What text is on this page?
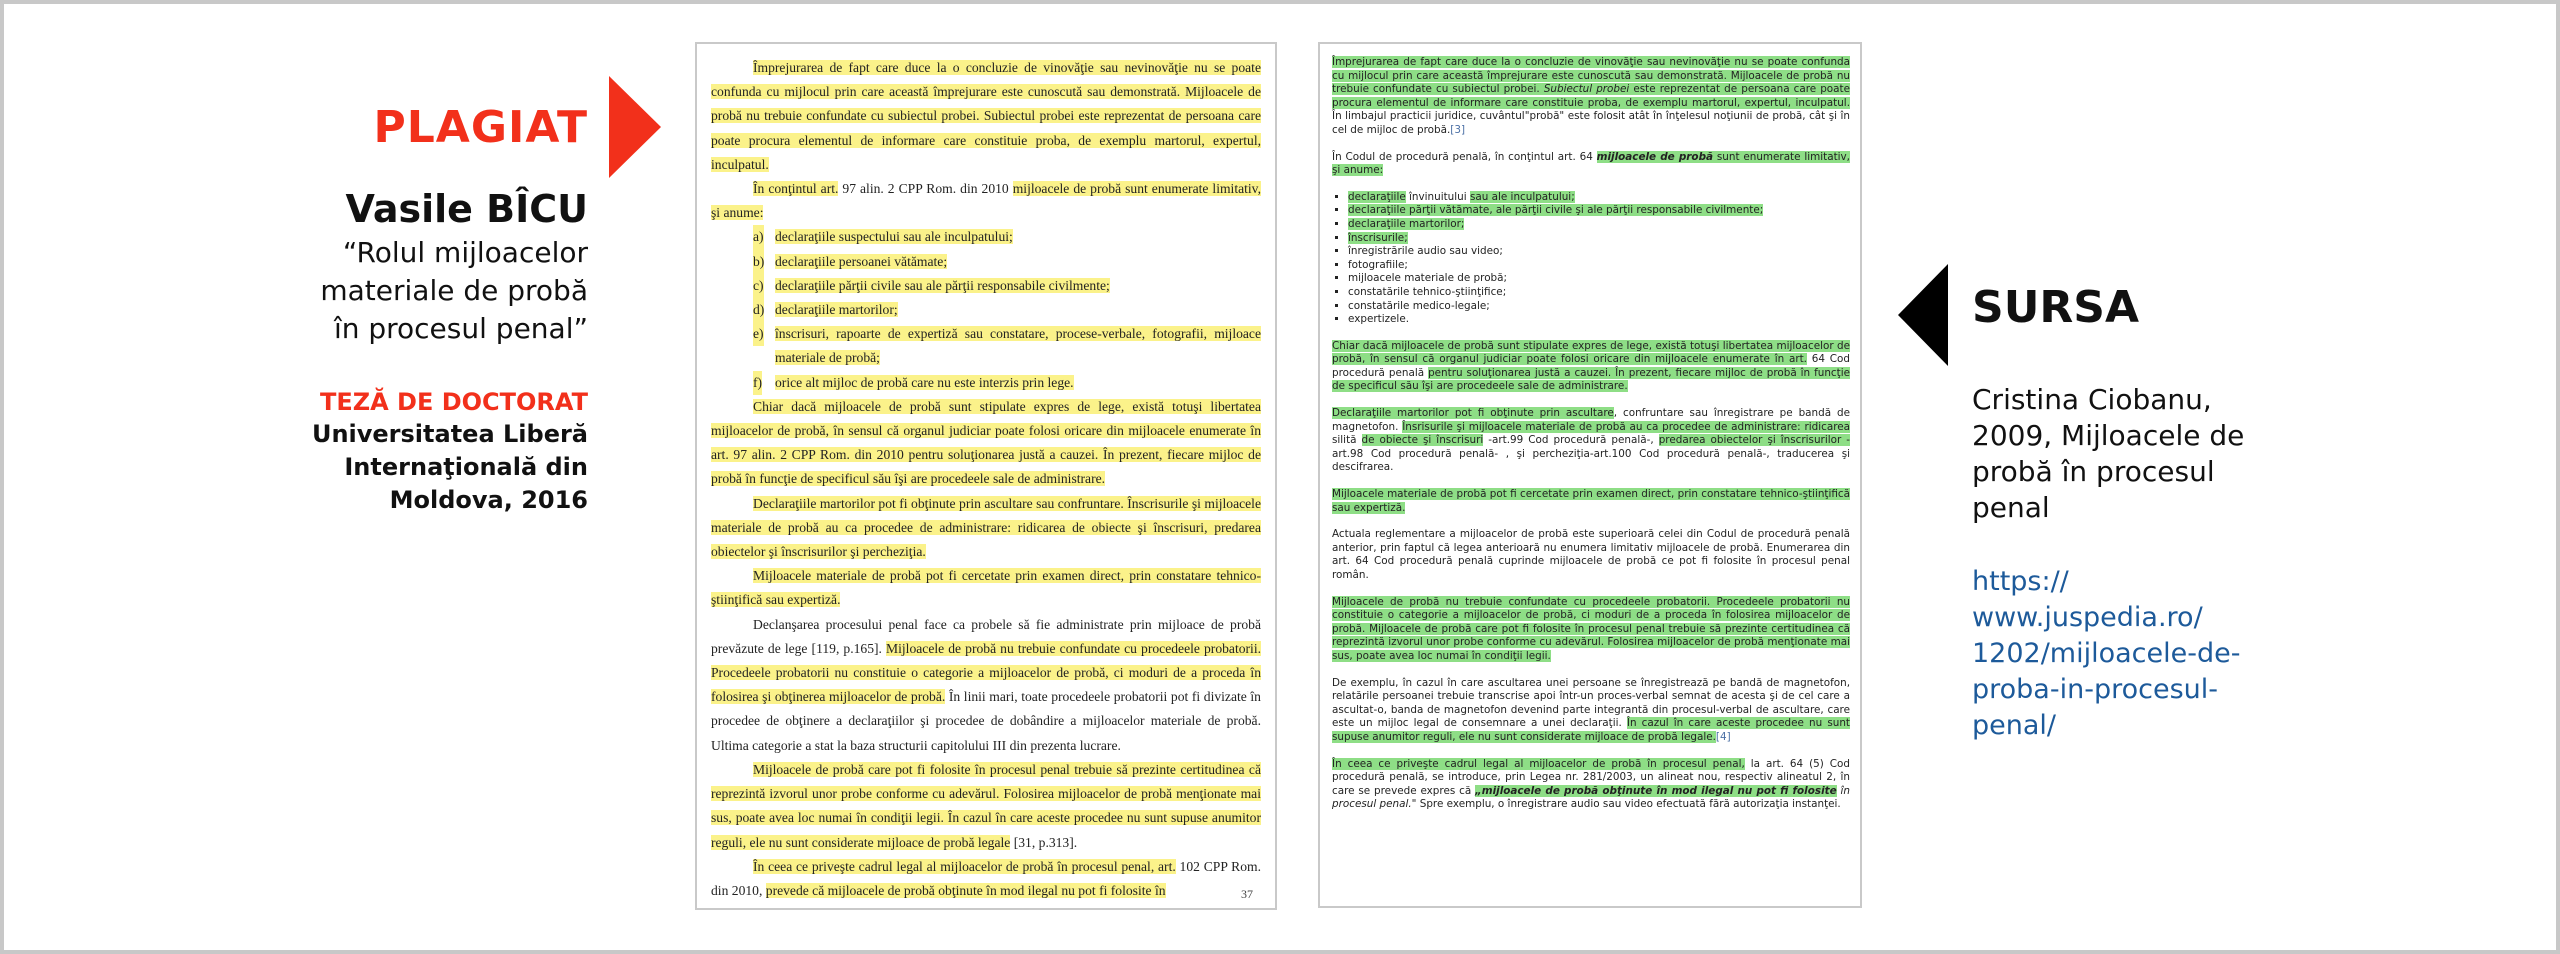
PLAGIAT
Vasile BÎCU
“Rolul mijloacelor
materiale de probă
în procesul penal”
TEZĂ DE DOCTORAT
Universitatea Liberă
Internaţională din
Moldova, 2016

Împrejurarea de fapt care duce la o concluzie de vinovăţie sau nevinovăţie nu se poate confunda cu mijlocul prin care această împrejurare este cunoscută sau demonstrată. Mijloacele de probă nu trebuie confundate cu subiectul probei. Subiectul probei este reprezentat de persoana care poate procura elementul de informare care constituie proba, de exemplu martorul, expertul, inculpatul.

În conţintul art. 97 alin. 2 CPP Rom. din 2010 mijloacele de probă sunt enumerate limitativ, şi anume:

a) declaraţiile suspectului sau ale inculpatului;
b) declaraţiile persoanei vătămate;
c) declaraţiile părţii civile sau ale părţii responsabile civilmente;
d) declaraţiile martorilor;
e) înscrisuri, rapoarte de expertiză sau constatare, procese-verbale, fotografii, mijloace materiale de probă;
f) orice alt mijloc de probă care nu este interzis prin lege.

Chiar dacă mijloacele de probă sunt stipulate expres de lege, există totuşi libertatea mijloacelor de probă, în sensul că organul judiciar poate folosi oricare din mijloacele enumerate în art. 97 alin. 2 CPP Rom. din 2010 pentru soluţionarea justă a cauzei. În prezent, fiecare mijloc de probă în funcţie de specificul său îşi are procedeele sale de administrare.

Declaraţiile martorilor pot fi obţinute prin ascultare sau confruntare. Înscrisurile şi mijloacele materiale de probă au ca procedee de administrare: ridicarea de obiecte şi înscrisuri, predarea obiectelor şi înscrisurilor şi percheziţia.

Mijloacele materiale de probă pot fi cercetate prin examen direct, prin constatare tehnico-ştiinţifică sau expertiză.

Declanşarea procesului penal face ca probele să fie administrate prin mijloace de probă prevăzute de lege [119, p.165]. Mijloacele de probă nu trebuie confundate cu procedeele probatorii. Procedeele probatorii nu constituie o categorie a mijloacelor de probă, ci moduri de a proceda în folosirea şi obţinerea mijloacelor de probă. În linii mari, toate procedeele probatorii pot fi divizate în procedee de obţinere a declaraţiilor şi procedee de dobândire a mijloacelor materiale de probă. Ultima categorie a stat la baza structurii capitolului III din prezenta lucrare.

Mijloacele de probă care pot fi folosite în procesul penal trebuie să prezinte certitudinea că reprezintă izvorul unor probe conforme cu adevărul. Folosirea mijloacelor de probă menţionate mai sus, poate avea loc numai în condiţii legii. În cazul în care aceste procedee nu sunt supuse anumitor reguli, ele nu sunt considerate mijloace de probă legale [31, p.313].

În ceea ce priveşte cadrul legal al mijloacelor de probă în procesul penal, art. 102 CPP Rom. din 2010, prevede că mijloacele de probă obţinute în mod ilegal nu pot fi folosite în	37

Împrejurarea de fapt care duce la o concluzie de vinovăţie sau nevinovăţie nu se poate confunda cu mijlocul prin care această împrejurare este cunoscută sau demonstrată. Mijloacele de probă nu trebuie confundate cu subiectul probei. Subiectul probei este reprezentat de persoana care poate procura elementul de informare care constituie proba, de exemplu martorul, expertul, inculpatul. În limbajul practicii juridice, cuvântul"probă" este folosit atât în înţelesul noţiunii de probă, cât şi în cel de mijloc de probă.[3]

În Codul de procedură penală, în conţintul art. 64 mijloacele de probă sunt enumerate limitativ, şi anume:

▪ declaraţiile învinuitului sau ale inculpatului;
▪ declaraţiile părţii vătămate, ale părţii civile şi ale părţii responsabile civilmente;
▪ declaraţiile martorilor;
▪ înscrisurile;
▪ înregistrările audio sau video;
▪ fotografiile;
▪ mijloacele materiale de probă;
▪ constatările tehnico-ştiinţifice;
▪ constatările medico-legale;
▪ expertizele.

Chiar dacă mijloacele de probă sunt stipulate expres de lege, există totuşi libertatea mijloacelor de probă, în sensul că organul judiciar poate folosi oricare din mijloacele enumerate în art. 64 Cod procedură penală pentru soluţionarea justă a cauzei. În prezent, fiecare mijloc de probă în funcţie de specificul său îşi are procedeele sale de administrare.

Declaraţiile martorilor pot fi obţinute prin ascultare, confruntare sau înregistrare pe bandă de magnetofon. Însrisurile şi mijloacele materiale de probă au ca procedee de administrare: ridicarea silită de obiecte şi înscrisuri -art.99 Cod procedură penală-, predarea obiectelor şi înscrisurilor - art.98 Cod procedură penală- , şi percheziţia-art.100 Cod procedură penală-, traducerea şi descifrarea.

Mijloacele materiale de probă pot fi cercetate prin examen direct, prin constatare tehnico-ştiinţifică sau expertiză.

Actuala reglementare a mijloacelor de probă este superioară celei din Codul de procedură penală anterior, prin faptul că legea anterioară nu enumera limitativ mijloacele de probă. Enumerarea din art. 64 Cod procedură penală cuprinde mijloacele de probă ce pot fi folosite în procesul penal român.

Mijloacele de probă nu trebuie confundate cu procedeele probatorii. Procedeele probatorii nu constituie o categorie a mijloacelor de probă, ci moduri de a proceda în folosirea mijloacelor de probă. Mijloacele de probă care pot fi folosite în procesul penal trebuie să prezinte certitudinea că reprezintă izvorul unor probe conforme cu adevărul. Folosirea mijloacelor de probă menţionate mai sus, poate avea loc numai în condiţii legii.

De exemplu, în cazul în care ascultarea unei persoane se înregistrează pe bandă de magnetofon, relatările persoanei trebuie transcrise apoi într-un proces-verbal semnat de acesta şi de cel care a ascultat-o, banda de magnetofon devenind parte integrantă din procesul-verbal de ascultare, care este un mijloc legal de consemnare a unei declaraţii. În cazul în care aceste procedee nu sunt supuse anumitor reguli, ele nu sunt considerate mijloace de probă legale.[4]

În ceea ce priveşte cadrul legal al mijloacelor de probă în procesul penal, la art. 64 (5) Cod procedură penală, se introduce, prin Legea nr. 281/2003, un alineat nou, respectiv alineatul 2, în care se prevede expres că „mijloacele de probă obţinute în mod ilegal nu pot fi folosite în procesul penal." Spre exemplu, o înregistrare audio sau video efectuată fără autorizaţia instanţei.

SURSA
Cristina Ciobanu,
2009, Mijloacele de
probă în procesul
penal
https://
www.juspedia.ro/
1202/mijloacele-de-
proba-in-procesul-
penal/
